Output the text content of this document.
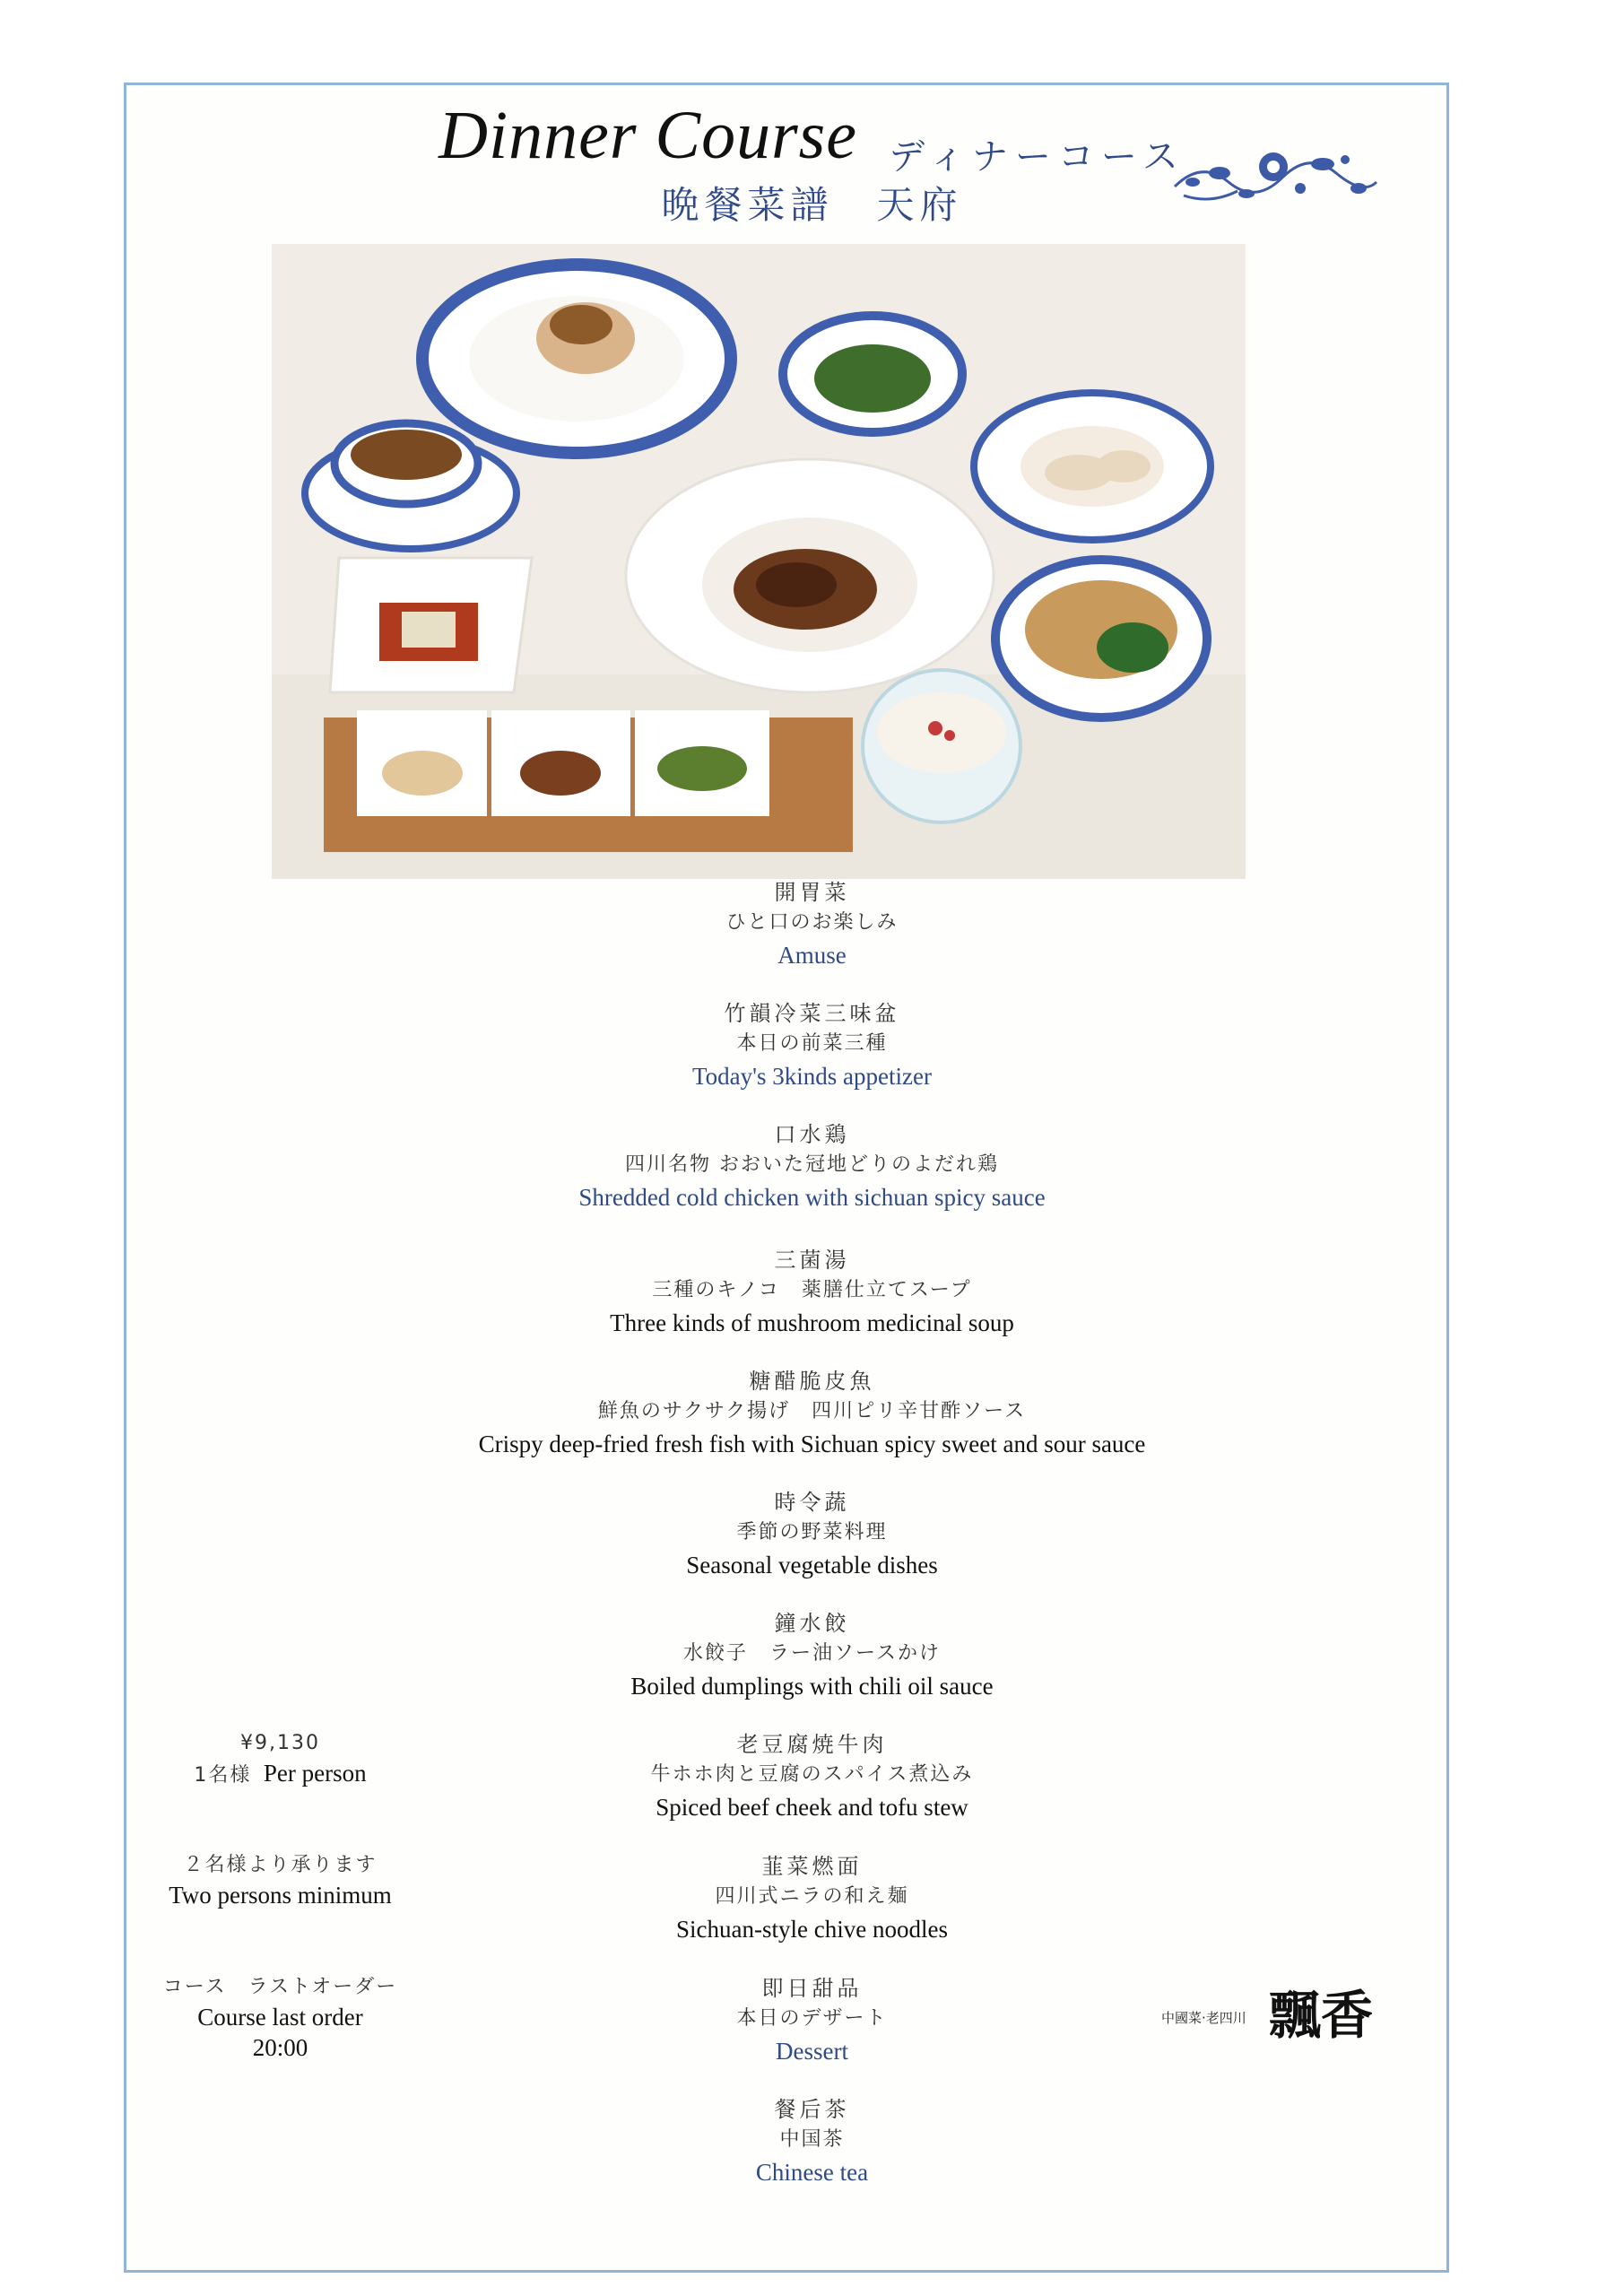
Dinner Course ディナーコース
晩餐菜譜　天府
開胃菜
ひと口のお楽しみ
Amuse
竹韻冷菜三味盆
本日の前菜三種
Today's 3kinds appetizer
口水鶏
四川名物 おおいた冠地どりのよだれ鶏
Shredded cold chicken with sichuan spicy sauce
三菌湯
三種のキノコ　薬膳仕立てスープ
Three kinds of mushroom medicinal soup
糖醋脆皮魚
鮮魚のサクサク揚げ　四川ピリ辛甘酢ソース
Crispy deep-fried fresh fish with Sichuan spicy sweet and sour sauce
時令蔬
季節の野菜料理
Seasonal vegetable dishes
鐘水餃
水餃子　ラー油ソースかけ
Boiled dumplings with chili oil sauce
老豆腐焼牛肉
牛ホホ肉と豆腐のスパイス煮込み
Spiced beef cheek and tofu stew
韮菜燃面
四川式ニラの和え麺
Sichuan-style chive noodles
即日甜品
本日のデザート
Dessert
餐后茶
中国茶
Chinese tea
¥9,130
1名様 Per person
２名様より承ります
Two persons minimum
コース　ラストオーダー
Course last order
20:00
中國菜·老四川 飄香
